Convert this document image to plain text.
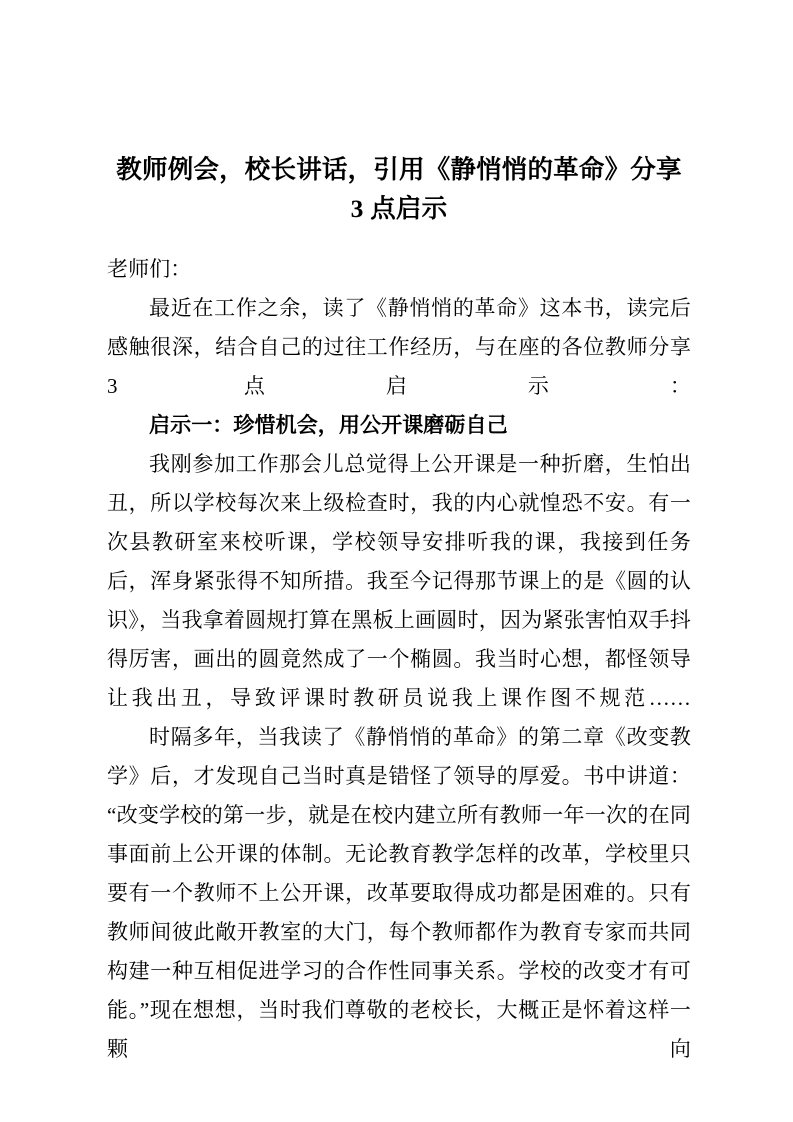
教师例会，校长讲话，引用《静悄悄的革命》分享
3 点启示

老师们：

最近在工作之余，读了《静悄悄的革命》这本书，读完后感触很深，结合自己的过往工作经历，与在座的各位教师分享 3 点启示：

启示一：珍惜机会，用公开课磨砺自己

我刚参加工作那会儿总觉得上公开课是一种折磨，生怕出丑，所以学校每次来上级检查时，我的内心就惶恐不安。有一次县教研室来校听课，学校领导安排听我的课，我接到任务后，浑身紧张得不知所措。我至今记得那节课上的是《圆的认识》，当我拿着圆规打算在黑板上画圆时，因为紧张害怕双手抖得厉害，画出的圆竟然成了一个椭圆。我当时心想，都怪领导让我出丑，导致评课时教研员说我上课作图不规范……

时隔多年，当我读了《静悄悄的革命》的第二章《改变教学》后，才发现自己当时真是错怪了领导的厚爱。书中讲道：“改变学校的第一步，就是在校内建立所有教师一年一次的在同事面前上公开课的体制。无论教育教学怎样的改革，学校里只要有一个教师不上公开课，改革要取得成功都是困难的。只有教师间彼此敞开教室的大门，每个教师都作为教育专家而共同构建一种互相促进学习的合作性同事关系。学校的改变才有可能。”现在想想，当时我们尊敬的老校长，大概正是怀着这样一颗向
